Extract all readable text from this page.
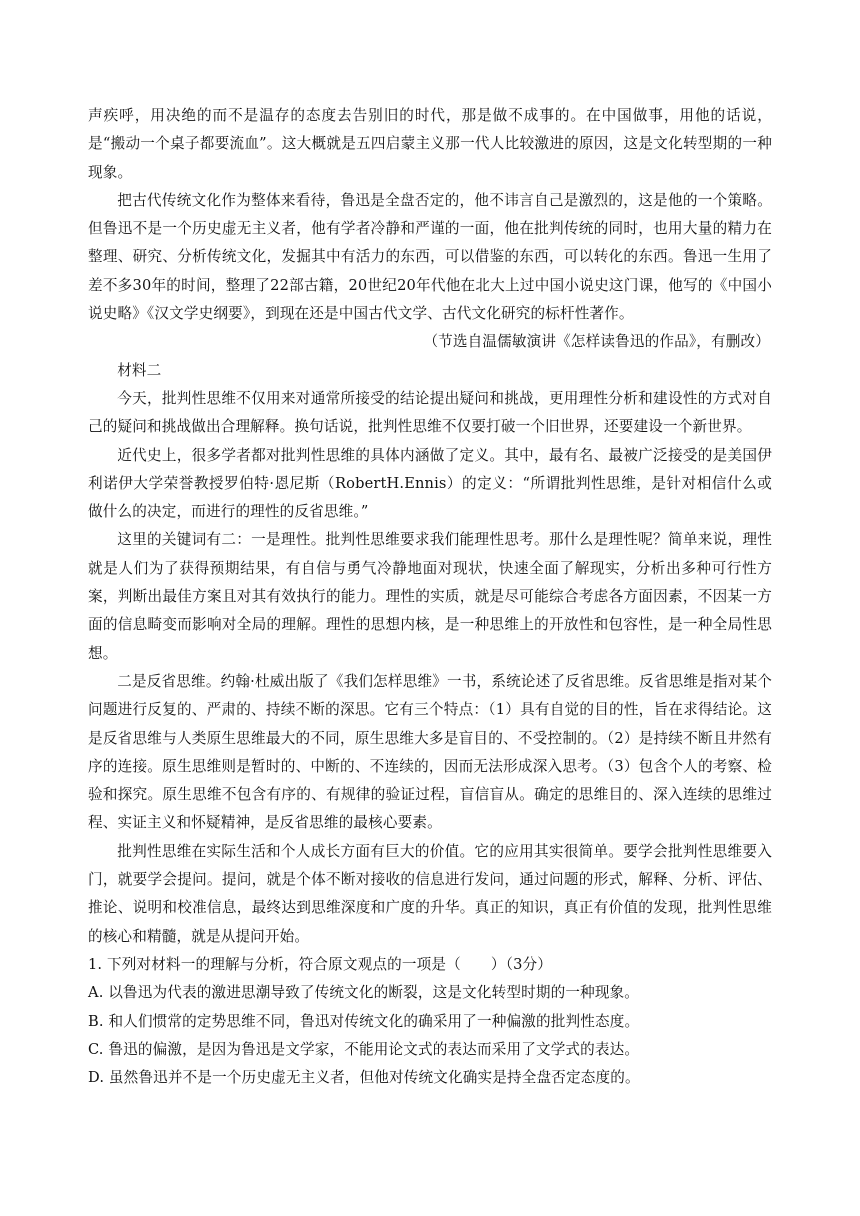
声疾呼，用决绝的而不是温存的态度去告别旧的时代，那是做不成事的。在中国做事，用他的话说，是“搬动一个桌子都要流血”。这大概就是五四启蒙主义那一代人比较激进的原因，这是文化转型期的一种现象。

把古代传统文化作为整体来看待，鲁迅是全盘否定的，他不讳言自己是激烈的，这是他的一个策略。但鲁迅不是一个历史虚无主义者，他有学者冷静和严谨的一面，他在批判传统的同时，也用大量的精力在整理、研究、分析传统文化，发掘其中有活力的东西，可以借鉴的东西，可以转化的东西。鲁迅一生用了差不多30年的时间，整理了22部古籍，20世纪20年代他在北大上过中国小说史这门课，他写的《中国小说史略》《汉文学史纲要》，到现在还是中国古代文学、古代文化研究的标杆性著作。

（节选自温儒敏演讲《怎样读鲁迅的作品》，有删改）

材料二

今天，批判性思维不仅用来对通常所接受的结论提出疑问和挑战，更用理性分析和建设性的方式对自己的疑问和挑战做出合理解释。换句话说，批判性思维不仅要打破一个旧世界，还要建设一个新世界。

近代史上，很多学者都对批判性思维的具体内涵做了定义。其中，最有名、最被广泛接受的是美国伊利诺伊大学荣誉教授罗伯特·恩尼斯（RobertH.Ennis）的定义：“所谓批判性思维，是针对相信什么或做什么的决定，而进行的理性的反省思维。”

这里的关键词有二：一是理性。批判性思维要求我们能理性思考。那什么是理性呢？简单来说，理性就是人们为了获得预期结果，有自信与勇气冷静地面对现状，快速全面了解现实，分析出多种可行性方案，判断出最佳方案且对其有效执行的能力。理性的实质，就是尽可能综合考虑各方面因素，不因某一方面的信息畸变而影响对全局的理解。理性的思想内核，是一种思维上的开放性和包容性，是一种全局性思想。

二是反省思维。约翰·杜威出版了《我们怎样思维》一书，系统论述了反省思维。反省思维是指对某个问题进行反复的、严肃的、持续不断的深思。它有三个特点：（1）具有自觉的目的性，旨在求得结论。这是反省思维与人类原生思维最大的不同，原生思维大多是盲目的、不受控制的。（2）是持续不断且井然有序的连接。原生思维则是暂时的、中断的、不连续的，因而无法形成深入思考。（3）包含个人的考察、检验和探究。原生思维不包含有序的、有规律的验证过程，盲信盲从。确定的思维目的、深入连续的思维过程、实证主义和怀疑精神，是反省思维的最核心要素。

批判性思维在实际生活和个人成长方面有巨大的价值。它的应用其实很简单。要学会批判性思维要入门，就要学会提问。提问，就是个体不断对接收的信息进行发问，通过问题的形式，解释、分析、评估、推论、说明和校准信息，最终达到思维深度和广度的升华。真正的知识，真正有价值的发现，批判性思维的核心和精髓，就是从提问开始。

1. 下列对材料一的理解与分析，符合原文观点的一项是（ ）（3分）

A. 以鲁迅为代表的激进思潮导致了传统文化的断裂，这是文化转型时期的一种现象。

B. 和人们惯常的定势思维不同，鲁迅对传统文化的确采用了一种偏激的批判性态度。

C. 鲁迅的偏激，是因为鲁迅是文学家，不能用论文式的表达而采用了文学式的表达。

D. 虽然鲁迅并不是一个历史虚无主义者，但他对传统文化确实是持全盘否定态度的。
